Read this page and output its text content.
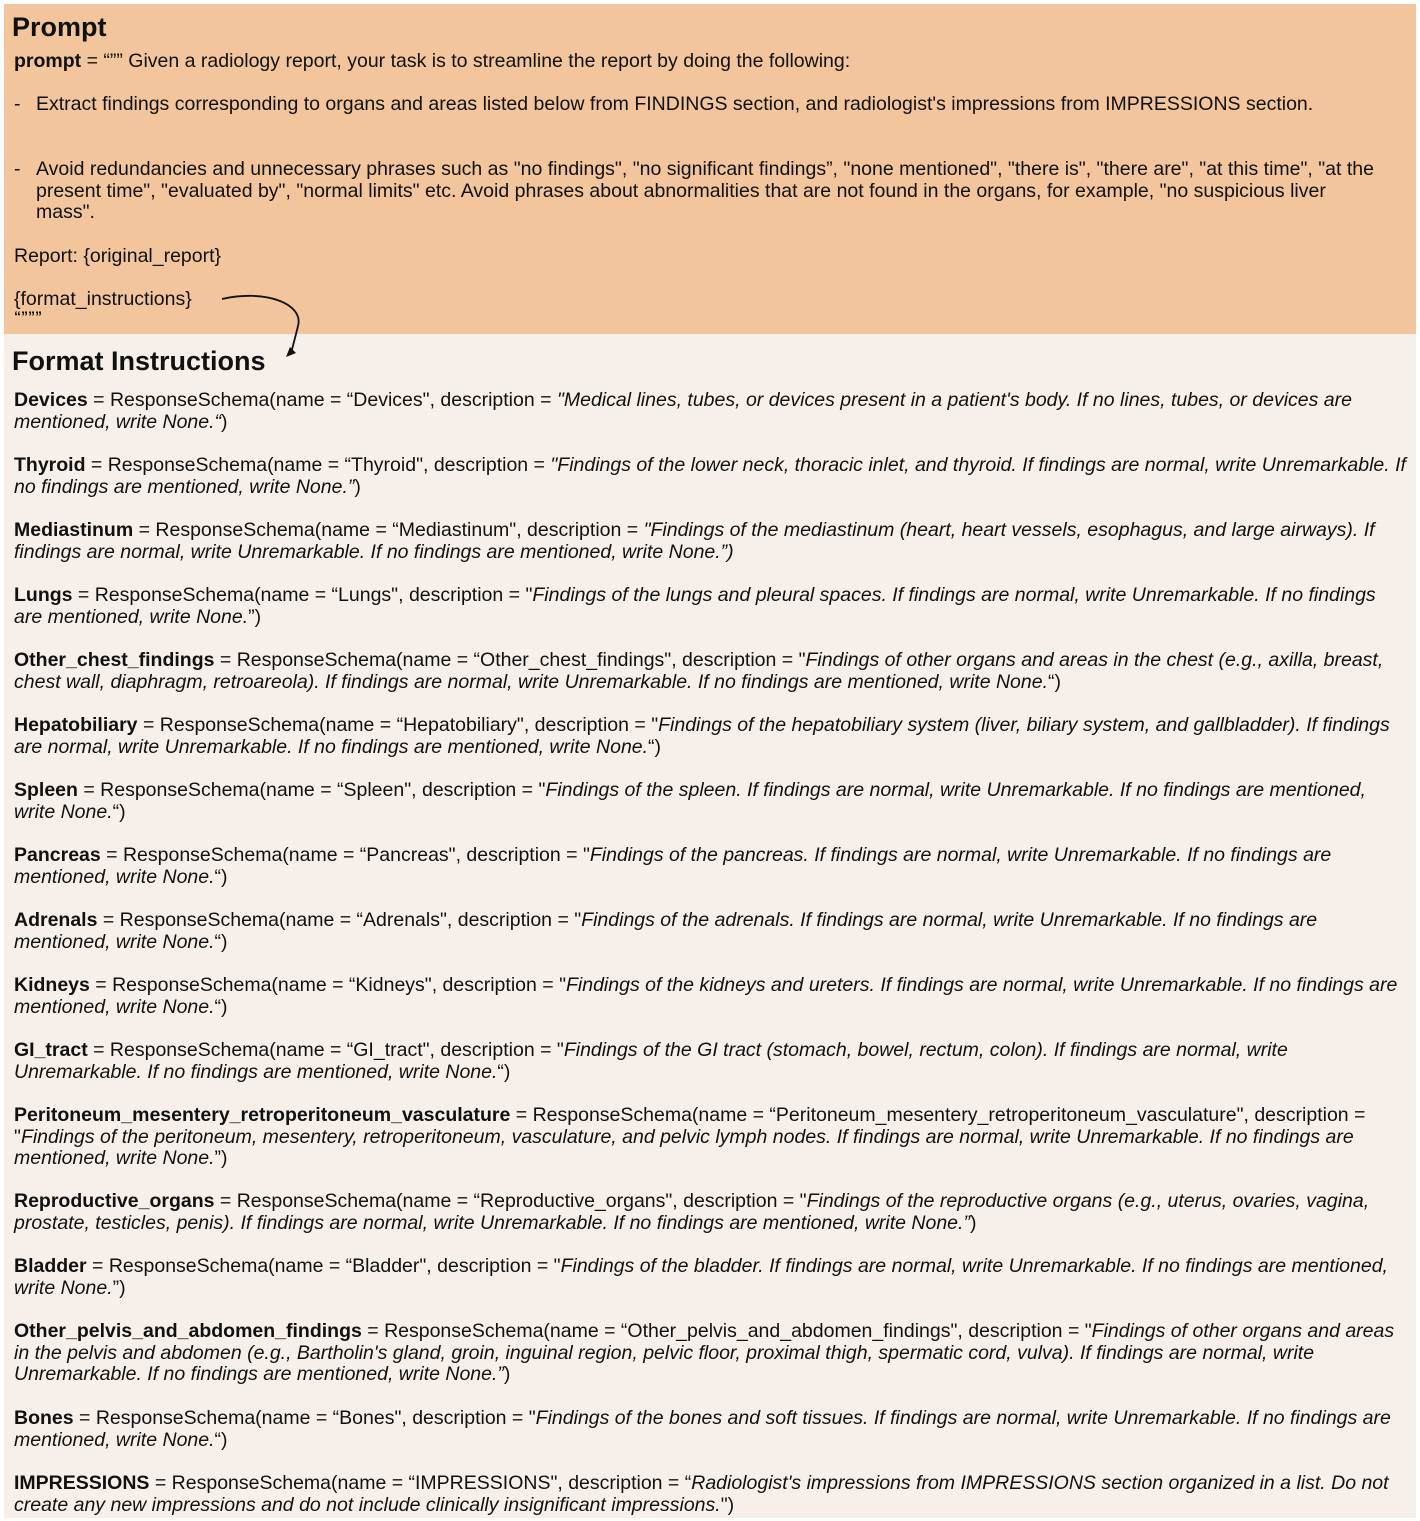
Prompt
prompt = “”” Given a radiology report, your task is to streamline the report by doing the following:
- Extract findings corresponding to organs and areas listed below from FINDINGS section, and radiologist's impressions from IMPRESSIONS section.
- Avoid redundancies and unnecessary phrases such as "no findings", "no significant findings”, "none mentioned", "there is", "there are", "at this time", "at the present time", "evaluated by", "normal limits" etc. Avoid phrases about abnormalities that are not found in the organs, for example, "no suspicious liver mass".
Report: {original_report}
{format_instructions}
“”””
Format Instructions
Devices = ResponseSchema(name = “Devices", description = "Medical lines, tubes, or devices present in a patient's body. If no lines, tubes, or devices are mentioned, write None.“)
Thyroid = ResponseSchema(name = “Thyroid", description = "Findings of the lower neck, thoracic inlet, and thyroid. If findings are normal, write Unremarkable. If no findings are mentioned, write None.”)
Mediastinum = ResponseSchema(name = “Mediastinum", description = "Findings of the mediastinum (heart, heart vessels, esophagus, and large airways). If findings are normal, write Unremarkable. If no findings are mentioned, write None.”)
Lungs = ResponseSchema(name = “Lungs", description = "Findings of the lungs and pleural spaces. If findings are normal, write Unremarkable. If no findings are mentioned, write None.”)
Other_chest_findings = ResponseSchema(name = “Other_chest_findings", description = "Findings of other organs and areas in the chest (e.g., axilla, breast, chest wall, diaphragm, retroareola). If findings are normal, write Unremarkable. If no findings are mentioned, write None.“)
Hepatobiliary = ResponseSchema(name = “Hepatobiliary", description = "Findings of the hepatobiliary system (liver, biliary system, and gallbladder). If findings are normal, write Unremarkable. If no findings are mentioned, write None.“)
Spleen = ResponseSchema(name = “Spleen", description = "Findings of the spleen. If findings are normal, write Unremarkable. If no findings are mentioned, write None.“)
Pancreas = ResponseSchema(name = “Pancreas", description = "Findings of the pancreas. If findings are normal, write Unremarkable. If no findings are mentioned, write None.“)
Adrenals = ResponseSchema(name = “Adrenals", description = "Findings of the adrenals. If findings are normal, write Unremarkable. If no findings are mentioned, write None.“)
Kidneys = ResponseSchema(name = “Kidneys", description = "Findings of the kidneys and ureters. If findings are normal, write Unremarkable. If no findings are mentioned, write None.“)
GI_tract = ResponseSchema(name = “GI_tract", description = "Findings of the GI tract (stomach, bowel, rectum, colon). If findings are normal, write Unremarkable. If no findings are mentioned, write None.“)
Peritoneum_mesentery_retroperitoneum_vasculature = ResponseSchema(name = “Peritoneum_mesentery_retroperitoneum_vasculature", description = "Findings of the peritoneum, mesentery, retroperitoneum, vasculature, and pelvic lymph nodes. If findings are normal, write Unremarkable. If no findings are mentioned, write None.”)
Reproductive_organs = ResponseSchema(name = “Reproductive_organs", description = "Findings of the reproductive organs (e.g., uterus, ovaries, vagina, prostate, testicles, penis). If findings are normal, write Unremarkable. If no findings are mentioned, write None.”)
Bladder = ResponseSchema(name = “Bladder", description = "Findings of the bladder. If findings are normal, write Unremarkable. If no findings are mentioned, write None.”)
Other_pelvis_and_abdomen_findings = ResponseSchema(name = “Other_pelvis_and_abdomen_findings", description = "Findings of other organs and areas in the pelvis and abdomen (e.g., Bartholin's gland, groin, inguinal region, pelvic floor, proximal thigh, spermatic cord, vulva). If findings are normal, write Unremarkable. If no findings are mentioned, write None.”)
Bones = ResponseSchema(name = “Bones", description = "Findings of the bones and soft tissues. If findings are normal, write Unremarkable. If no findings are mentioned, write None.“)
IMPRESSIONS = ResponseSchema(name = “IMPRESSIONS", description = “Radiologist's impressions from IMPRESSIONS section organized in a list. Do not create any new impressions and do not include clinically insignificant impressions.")
